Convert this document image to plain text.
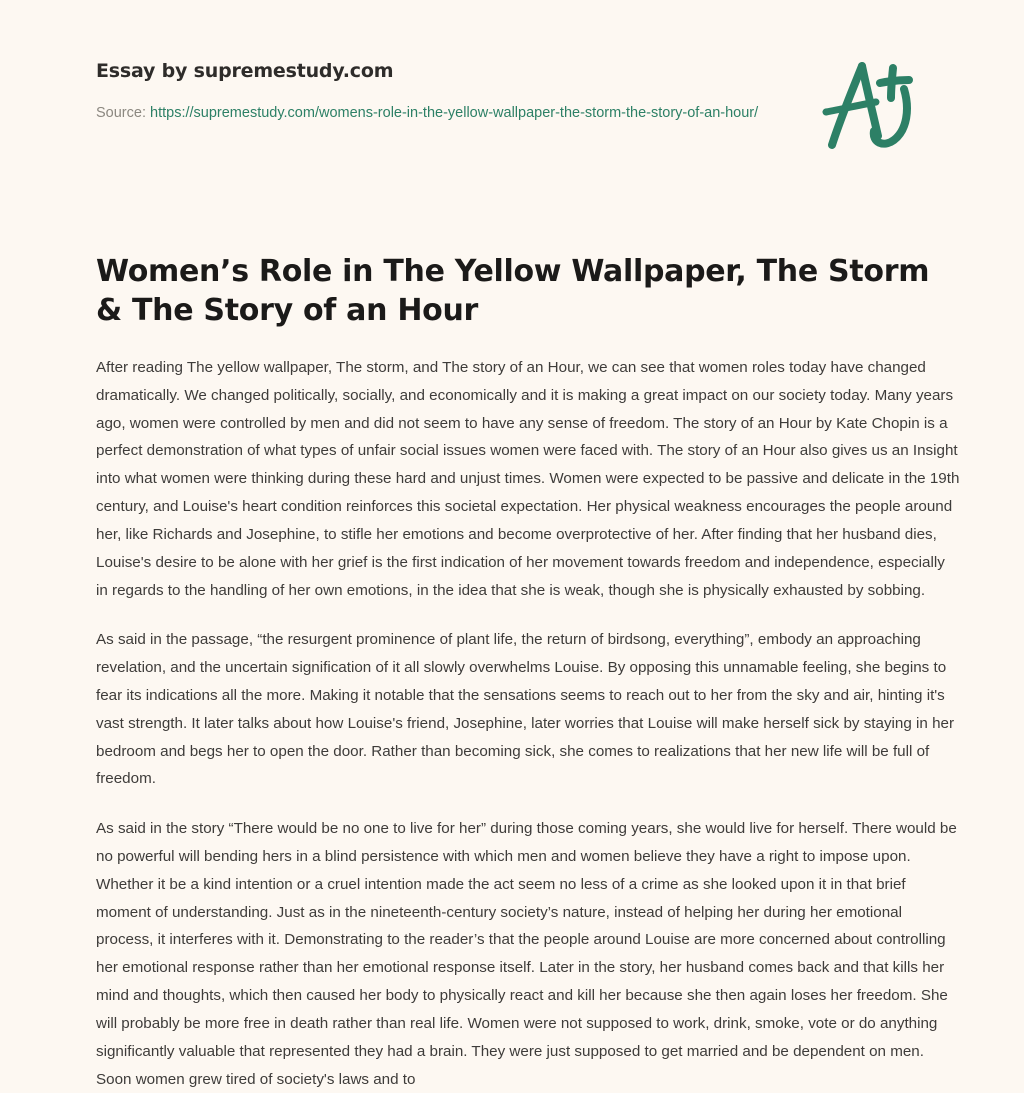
Essay by supremestudy.com
Source: https://supremestudy.com/womens-role-in-the-yellow-wallpaper-the-storm-the-story-of-an-hour/
Women’s Role in The Yellow Wallpaper, The Storm & The Story of an Hour

After reading The yellow wallpaper, The storm, and The story of an Hour, we can see that women roles today have changed dramatically. We changed politically, socially, and economically and it is making a great impact on our society today. Many years ago, women were controlled by men and did not seem to have any sense of freedom. The story of an Hour by Kate Chopin is a perfect demonstration of what types of unfair social issues women were faced with. The story of an Hour also gives us an Insight into what women were thinking during these hard and unjust times. Women were expected to be passive and delicate in the 19th century, and Louise's heart condition reinforces this societal expectation. Her physical weakness encourages the people around her, like Richards and Josephine, to stifle her emotions and become overprotective of her. After finding that her husband dies, Louise's desire to be alone with her grief is the first indication of her movement towards freedom and independence, especially in regards to the handling of her own emotions, in the idea that she is weak, though she is physically exhausted by sobbing.

As said in the passage, “the resurgent prominence of plant life, the return of birdsong, everything”, embody an approaching revelation, and the uncertain signification of it all slowly overwhelms Louise. By opposing this unnamable feeling, she begins to fear its indications all the more. Making it notable that the sensations seems to reach out to her from the sky and air, hinting it's vast strength. It later talks about how Louise's friend, Josephine, later worries that Louise will make herself sick by staying in her bedroom and begs her to open the door. Rather than becoming sick, she comes to realizations that her new life will be full of freedom.

As said in the story “There would be no one to live for her” during those coming years, she would live for herself. There would be no powerful will bending hers in a blind persistence with which men and women believe they have a right to impose upon. Whether it be a kind intention or a cruel intention made the act seem no less of a crime as she looked upon it in that brief moment of understanding. Just as in the nineteenth-century society’s nature, instead of helping her during her emotional process, it interferes with it. Demonstrating to the reader’s that the people around Louise are more concerned about controlling her emotional response rather than her emotional response itself. Later in the story, her husband comes back and that kills her mind and thoughts, which then caused her body to physically react and kill her because she then again loses her freedom. She will probably be more free in death rather than real life. Women were not supposed to work, drink, smoke, vote or do anything significantly valuable that represented they had a brain. They were just supposed to get married and be dependent on men. Soon women grew tired of society's laws and to
